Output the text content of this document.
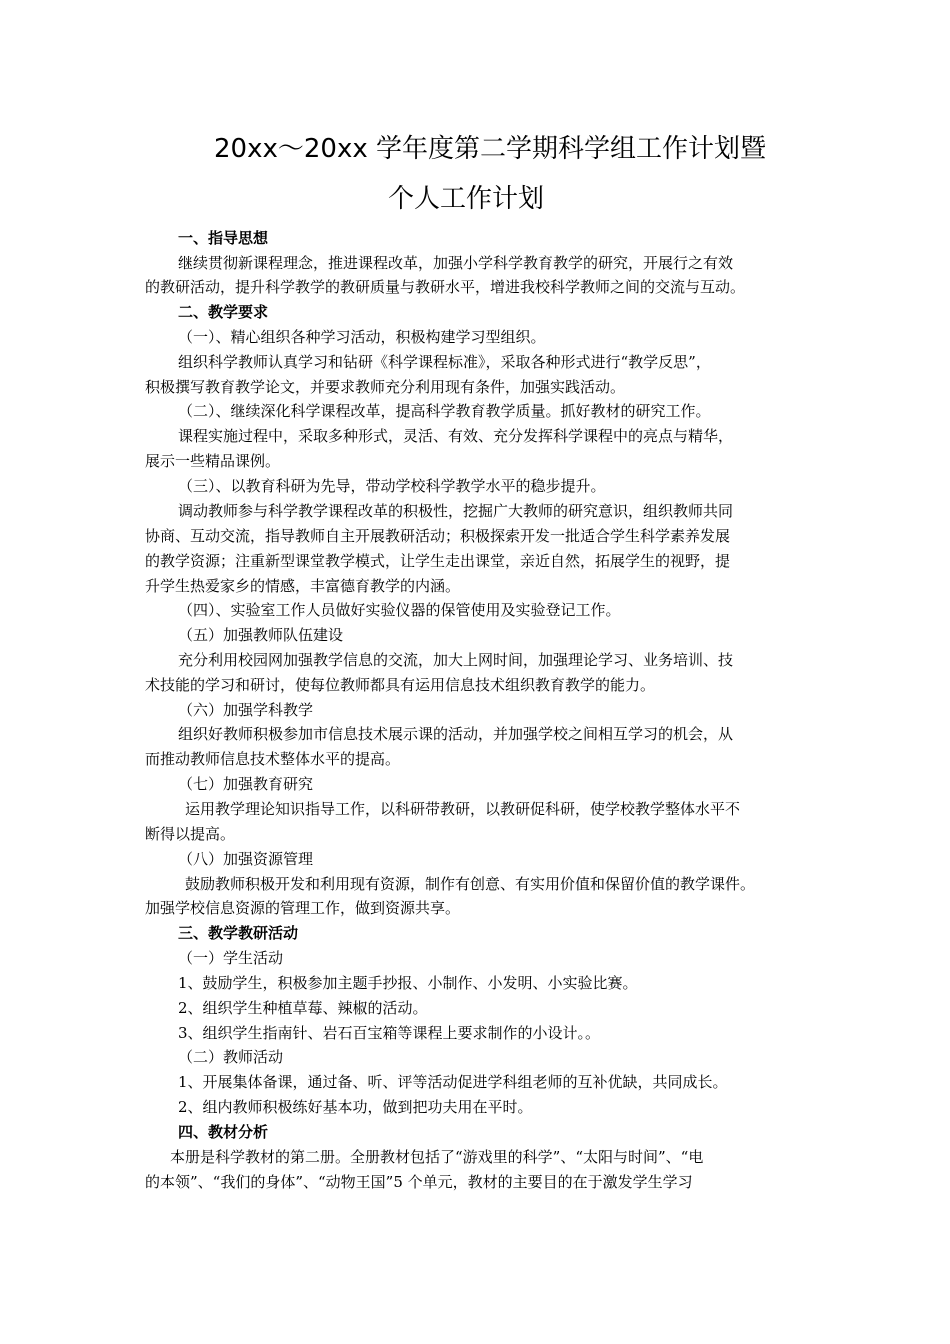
20xx～20xx 学年度第二学期科学组工作计划暨
个人工作计划

一、指导思想

继续贯彻新课程理念，推进课程改革，加强小学科学教育教学的研究，开展行之有效

的教研活动，提升科学教学的教研质量与教研水平，增进我校科学教师之间的交流与互动。

二、教学要求

（一）、精心组织各种学习活动，积极构建学习型组织。

组织科学教师认真学习和钻研《科学课程标准》，采取各种形式进行“教学反思”，

积极撰写教育教学论文，并要求教师充分利用现有条件，加强实践活动。

（二）、继续深化科学课程改革，提高科学教育教学质量。抓好教材的研究工作。

课程实施过程中，采取多种形式，灵活、有效、充分发挥科学课程中的亮点与精华，

展示一些精品课例。

（三）、以教育科研为先导，带动学校科学教学水平的稳步提升。

调动教师参与科学教学课程改革的积极性，挖掘广大教师的研究意识，组织教师共同

协商、互动交流，指导教师自主开展教研活动；积极探索开发一批适合学生科学素养发展

的教学资源；注重新型课堂教学模式，让学生走出课堂，亲近自然，拓展学生的视野，提

升学生热爱家乡的情感，丰富德育教学的内涵。

（四）、实验室工作人员做好实验仪器的保管使用及实验登记工作。

（五）加强教师队伍建设

充分利用校园网加强教学信息的交流，加大上网时间，加强理论学习、业务培训、技

术技能的学习和研讨，使每位教师都具有运用信息技术组织教育教学的能力。

（六）加强学科教学

组织好教师积极参加市信息技术展示课的活动，并加强学校之间相互学习的机会，从

而推动教师信息技术整体水平的提高。

（七）加强教育研究

运用教学理论知识指导工作，以科研带教研，以教研促科研，使学校教学整体水平不

断得以提高。

（八）加强资源管理

鼓励教师积极开发和利用现有资源，制作有创意、有实用价值和保留价值的教学课件。

加强学校信息资源的管理工作，做到资源共享。

三、教学教研活动

（一）学生活动

1、鼓励学生，积极参加主题手抄报、小制作、小发明、小实验比赛。

2、组织学生种植草莓、辣椒的活动。

3、组织学生指南针、岩石百宝箱等课程上要求制作的小设计。。

（二）教师活动

1、开展集体备课，通过备、听、评等活动促进学科组老师的互补优缺，共同成长。

2、组内教师积极练好基本功，做到把功夫用在平时。

四、教材分析

本册是科学教材的第二册。全册教材包括了“游戏里的科学”、“太阳与时间”、“电

的本领”、“我们的身体”、“动物王国”5 个单元，教材的主要目的在于激发学生学习
